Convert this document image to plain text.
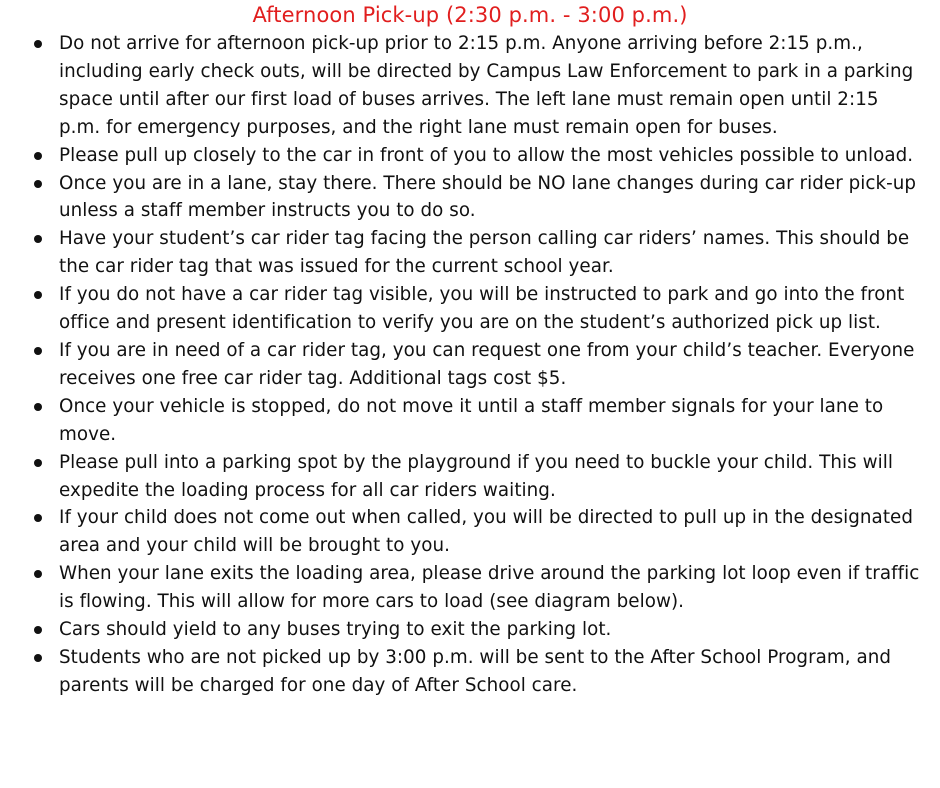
Afternoon Pick-up (2:30 p.m. - 3:00 p.m.)
Do not arrive for afternoon pick-up prior to 2:15 p.m. Anyone arriving before 2:15 p.m., including early check outs, will be directed by Campus Law Enforcement to park in a parking space until after our first load of buses arrives. The left lane must remain open until 2:15 p.m. for emergency purposes, and the right lane must remain open for buses.
Please pull up closely to the car in front of you to allow the most vehicles possible to unload.
Once you are in a lane, stay there. There should be NO lane changes during car rider pick-up unless a staff member instructs you to do so.
Have your student’s car rider tag facing the person calling car riders’ names. This should be the car rider tag that was issued for the current school year.
If you do not have a car rider tag visible, you will be instructed to park and go into the front office and present identification to verify you are on the student’s authorized pick up list.
If you are in need of a car rider tag, you can request one from your child’s teacher. Everyone receives one free car rider tag. Additional tags cost $5.
Once your vehicle is stopped, do not move it until a staff member signals for your lane to move.
Please pull into a parking spot by the playground if you need to buckle your child. This will expedite the loading process for all car riders waiting.
If your child does not come out when called, you will be directed to pull up in the designated area and your child will be brought to you.
When your lane exits the loading area, please drive around the parking lot loop even if traffic is flowing. This will allow for more cars to load (see diagram below).
Cars should yield to any buses trying to exit the parking lot.
Students who are not picked up by 3:00 p.m. will be sent to the After School Program, and parents will be charged for one day of After School care.
